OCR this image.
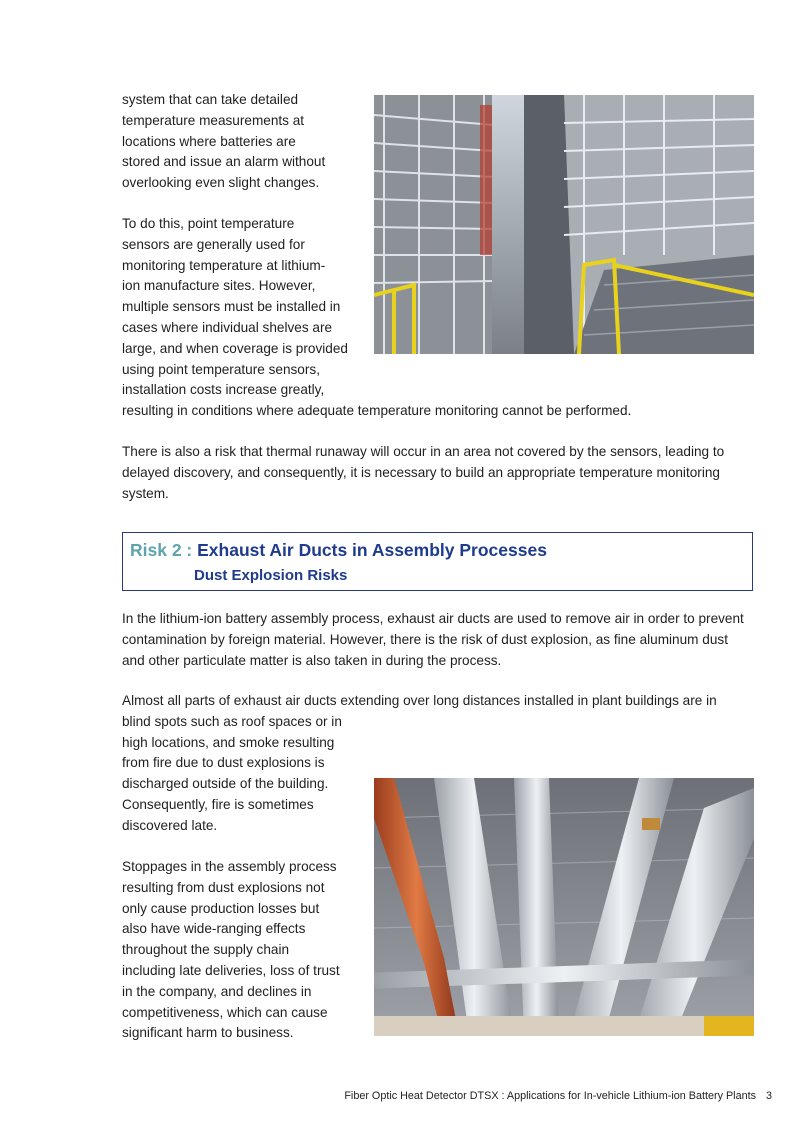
system that can take detailed
temperature measurements at
locations where batteries are
stored and issue an alarm without
overlooking even slight changes.
To do this, point temperature
sensors are generally used for
monitoring temperature at lithium-
ion manufacture sites. However,
multiple sensors must be installed in
cases where individual shelves are
large, and when coverage is provided
using point temperature sensors,
installation costs increase greatly,
resulting in conditions where adequate temperature monitoring cannot be performed.
There is also a risk that thermal runaway will occur in an area not covered by the sensors, leading to
delayed discovery, and consequently, it is necessary to build an appropriate temperature monitoring
system.
Risk 2 : Exhaust Air Ducts in Assembly Processes
Dust Explosion Risks
In the lithium-ion battery assembly process, exhaust air ducts are used to remove air in order to prevent
contamination by foreign material. However, there is the risk of dust explosion, as fine aluminum dust
and other particulate matter is also taken in during the process.
Almost all parts of exhaust air ducts extending over long distances installed in plant buildings are in
blind spots such as roof spaces or in
high locations, and smoke resulting
from fire due to dust explosions is
discharged outside of the building.
Consequently, fire is sometimes
discovered late.
Stoppages in the assembly process
resulting from dust explosions not
only cause production losses but
also have wide-ranging effects
throughout the supply chain
including late deliveries, loss of trust
in the company, and declines in
competitiveness, which can cause
significant harm to business.
Fiber Optic Heat Detector DTSX : Applications for In-vehicle Lithium-ion Battery Plants 3
